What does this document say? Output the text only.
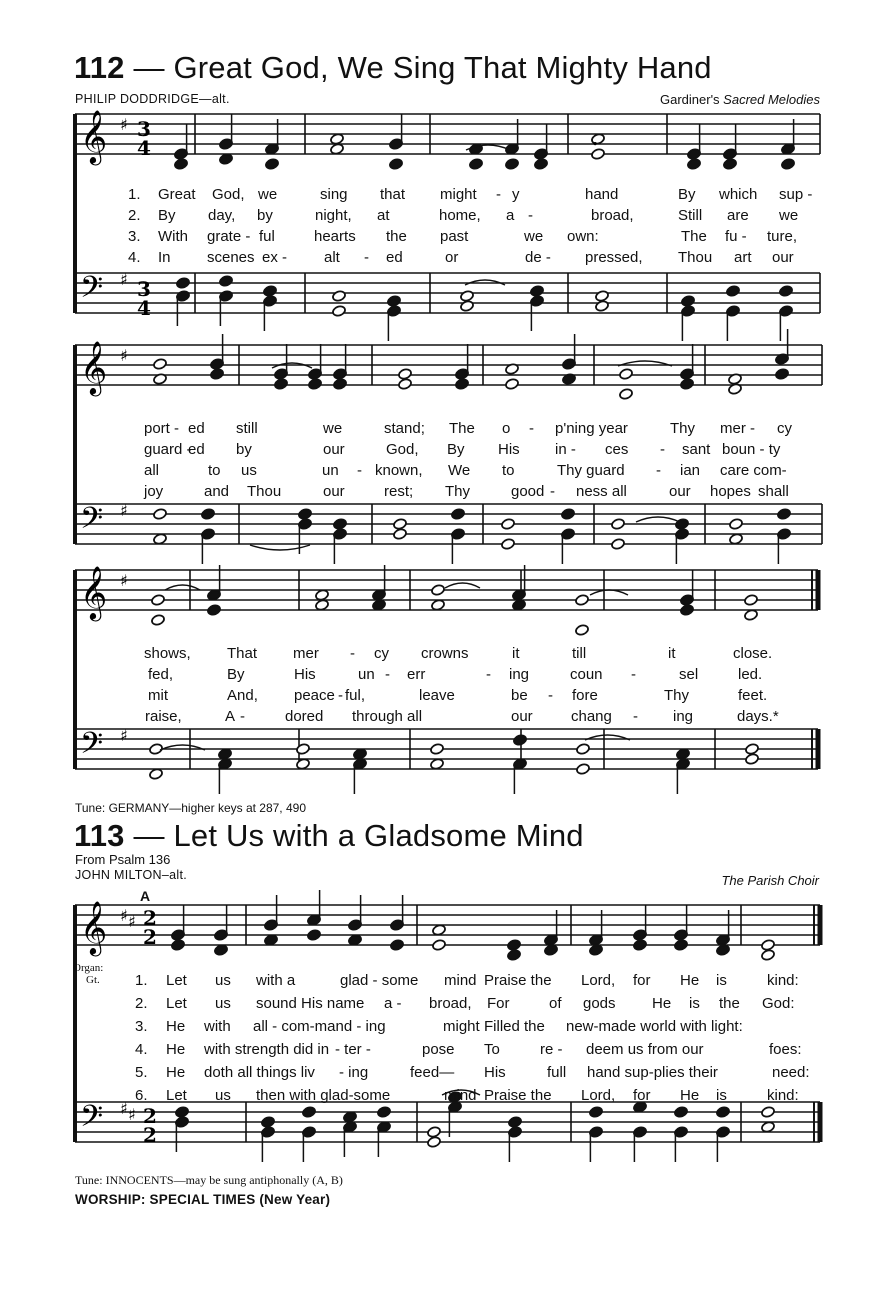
112 — Great God, We Sing That Mighty Hand
PHILIP DODDRIDGE—alt.	Gardiner's Sacred Melodies
𝄞
𝄢
♯
♯
𝄞
𝄢
♯
♯
𝄞
𝄢
♯
♯
3
4
3
4
.
𝄞
𝄢
♯ ♯
♯ ♯
2
2
2
2
1.
2.
3.
4.
Great God, we	sing that might - y	hand	By which sup -
By day, by	night, at	home, a -	broad,	Still are we
With grate - ful	hearts the past	we own:	The fu - ture,
In scenes ex - alt - ed	or	de - pressed, Thou art our
port - ed still	we	stand; The o - p'ning year	Thy mer - cy
guard -
ed by	our	God, By His in - ces - sant boun - ty
all	to us	un - known, We to	Thy guard - ian care com-
joy	and Thou	our	rest; Thy	good - ness all	our hopes shall
shows, That mer - cy crowns	it	till	it	close.
fed,	By	His	un - err	- ing	coun -	sel	led.
mit	And, peace - ful,	leave	be - fore	Thy	feet.
raise,	A -	dored through all	our	chang - ing	days.*
Tune: GERMANY—higher keys at 287, 490
113 — Let Us with a Gladsome Mind
From Psalm 136
JOHN MILTON–alt.	The Parish Choir
A
Organ:
Gt. 1.
2.
3.
4.
5.
6.
Let us with a	glad - some mind Praise the Lord, for He is	kind:
Let us sound His name a - broad, For	of gods He is the God:
He with all - com-mand - ing	might Filled the new-made world with light:
He with strength did in - ter -	pose To	re - deem us from our	foes:
He doth all things liv - ing	feed— His	full hand sup-plies their	need:
Let us then with glad-some	mind Praise the Lord, for He is	kind:
Tune: INNOCENTS—may be sung antiphonally (A, B)
WORSHIP: SPECIAL TIMES (New Year)
